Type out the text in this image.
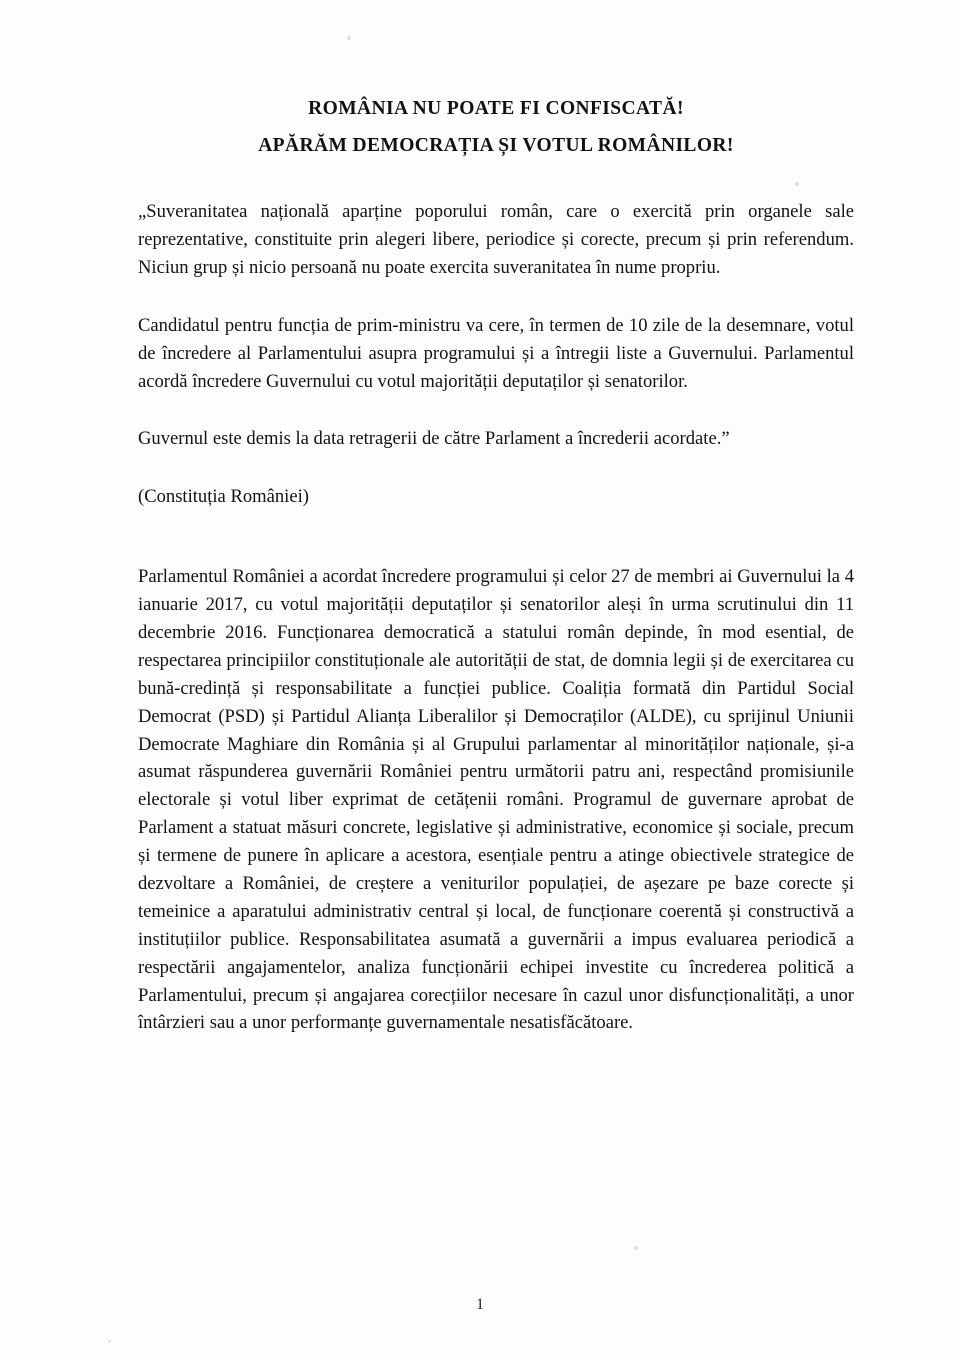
ROMÂNIA NU POATE FI CONFISCATĂ!
APĂRĂM DEMOCRAȚIA ȘI VOTUL ROMÂNILOR!

„Suveranitatea națională aparține poporului român, care o exercită prin organele sale reprezentative, constituite prin alegeri libere, periodice și corecte, precum și prin referendum. Niciun grup și nicio persoană nu poate exercita suveranitatea în nume propriu.

Candidatul pentru funcția de prim-ministru va cere, în termen de 10 zile de la desemnare, votul de încredere al Parlamentului asupra programului și a întregii liste a Guvernului. Parlamentul acordă încredere Guvernului cu votul majorității deputaților și senatorilor.

Guvernul este demis la data retragerii de către Parlament a încrederii acordate.”

(Constituția României)

Parlamentul României a acordat încredere programului și celor 27 de membri ai Guvernului la 4 ianuarie 2017, cu votul majorității deputaților și senatorilor aleși în urma scrutinului din 11 decembrie 2016. Funcționarea democratică a statului român depinde, în mod esential, de respectarea principiilor constituționale ale autorității de stat, de domnia legii și de exercitarea cu bună-credință și responsabilitate a funcției publice. Coaliția formată din Partidul Social Democrat (PSD) și Partidul Alianța Liberalilor și Democraților (ALDE), cu sprijinul Uniunii Democrate Maghiare din România și al Grupului parlamentar al minorităților naționale, și-a asumat răspunderea guvernării României pentru următorii patru ani, respectând promisiunile electorale și votul liber exprimat de cetățenii români. Programul de guvernare aprobat de Parlament a statuat măsuri concrete, legislative și administrative, economice și sociale, precum și termene de punere în aplicare a acestora, esențiale pentru a atinge obiectivele strategice de dezvoltare a României, de creștere a veniturilor populației, de așezare pe baze corecte și temeinice a aparatului administrativ central și local, de funcționare coerentă și constructivă a instituțiilor publice. Responsabilitatea asumată a guvernării a impus evaluarea periodică a respectării angajamentelor, analiza funcționării echipei investite cu încrederea politică a Parlamentului, precum și angajarea corecțiilor necesare în cazul unor disfuncționalități, a unor întârzieri sau a unor performanțe guvernamentale nesatisfăcătoare.

1
